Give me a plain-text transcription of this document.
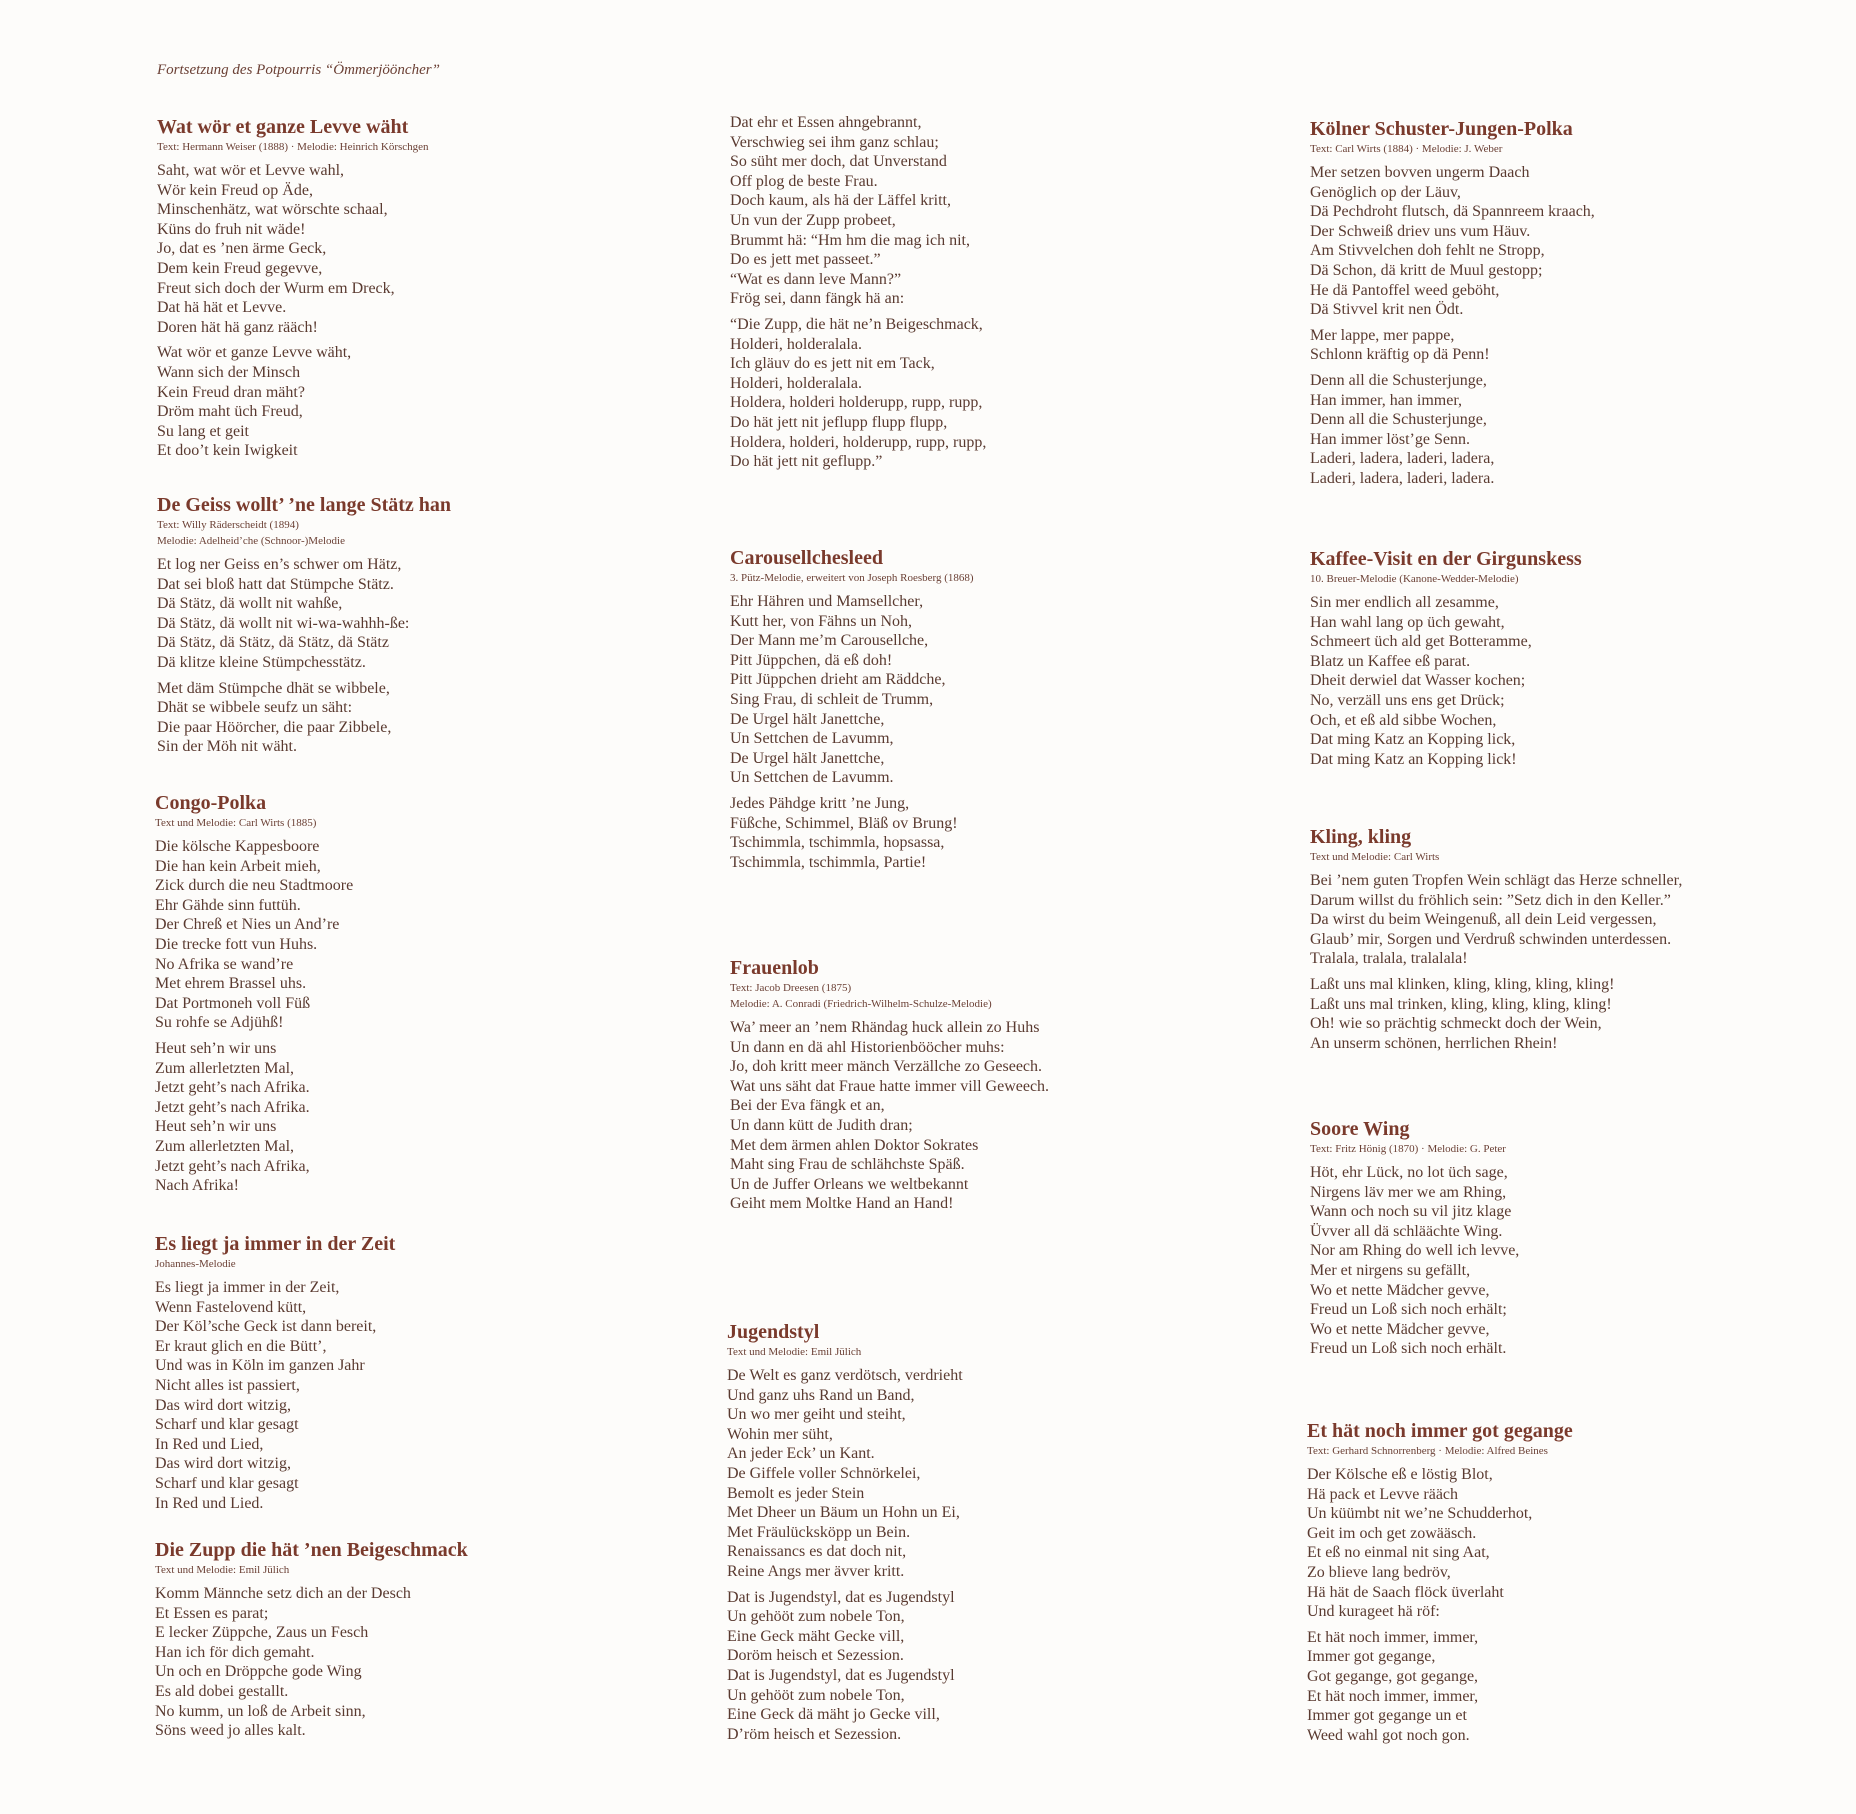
Fortsetzung des Potpourris “Ömmerjööncher”
Wat wör et ganze Levve wäht
Text: Hermann Weiser (1888) · Melodie: Heinrich Körschgen
Saht, wat wör et Levve wahl,
Wör kein Freud op Äde,
Minschenhätz, wat wörschte schaal,
Küns do fruh nit wäde!
Jo, dat es ’nen ärme Geck,
Dem kein Freud gegevve,
Freut sich doch der Wurm em Dreck,
Dat hä hät et Levve.
Doren hät hä ganz rääch!
Wat wör et ganze Levve wäht,
Wann sich der Minsch
Kein Freud dran mäht?
Dröm maht üch Freud,
Su lang et geit
Et doo’t kein Iwigkeit
De Geiss wollt’ ’ne lange Stätz han
Text: Willy Räderscheidt (1894)
Melodie: Adelheid’che (Schnoor-)Melodie
Et log ner Geiss en’s schwer om Hätz,
Dat sei bloß hatt dat Stümpche Stätz.
Dä Stätz, dä wollt nit wahße,
Dä Stätz, dä wollt nit wi-wa-wahhh-ße:
Dä Stätz, dä Stätz, dä Stätz, dä Stätz
Dä klitze kleine Stümpchesstätz.
Met däm Stümpche dhät se wibbele,
Dhät se wibbele seufz un säht:
Die paar Höörcher, die paar Zibbele,
Sin der Möh nit wäht.
Congo-Polka
Text und Melodie: Carl Wirts (1885)
Die kölsche Kappesboore
Die han kein Arbeit mieh,
Zick durch die neu Stadtmoore
Ehr Gähde sinn futtüh.
Der Chreß et Nies un And’re
Die trecke fott vun Huhs.
No Afrika se wand’re
Met ehrem Brassel uhs.
Dat Portmoneh voll Füß
Su rohfe se Adjühß!
Heut seh’n wir uns
Zum allerletzten Mal,
Jetzt geht’s nach Afrika.
Jetzt geht’s nach Afrika.
Heut seh’n wir uns
Zum allerletzten Mal,
Jetzt geht’s nach Afrika,
Nach Afrika!
Es liegt ja immer in der Zeit
Johannes-Melodie
Es liegt ja immer in der Zeit,
Wenn Fastelovend kütt,
Der Köl’sche Geck ist dann bereit,
Er kraut glich en die Bütt’,
Und was in Köln im ganzen Jahr
Nicht alles ist passiert,
Das wird dort witzig,
Scharf und klar gesagt
In Red und Lied,
Das wird dort witzig,
Scharf und klar gesagt
In Red und Lied.
Die Zupp die hät ’nen Beigeschmack
Text und Melodie: Emil Jülich
Komm Männche setz dich an der Desch
Et Essen es parat;
E lecker Züppche, Zaus un Fesch
Han ich för dich gemaht.
Un och en Dröppche gode Wing
Es ald dobei gestallt.
No kumm, un loß de Arbeit sinn,
Söns weed jo alles kalt.
Dat ehr et Essen ahngebrannt,
Verschwieg sei ihm ganz schlau;
So süht mer doch, dat Unverstand
Off plog de beste Frau.
Doch kaum, als hä der Läffel kritt,
Un vun der Zupp probeet,
Brummt hä: “Hm hm die mag ich nit,
Do es jett met passeet.”
“Wat es dann leve Mann?”
Frög sei, dann fängk hä an:
“Die Zupp, die hät ne’n Beigeschmack,
Holderi, holderalala.
Ich gläuv do es jett nit em Tack,
Holderi, holderalala.
Holdera, holderi holderupp, rupp, rupp,
Do hät jett nit jeflupp flupp flupp,
Holdera, holderi, holderupp, rupp, rupp,
Do hät jett nit geflupp.”
Carousellchesleed
3. Pütz-Melodie, erweitert von Joseph Roesberg (1868)
Ehr Hähren und Mamsellcher,
Kutt her, von Fähns un Noh,
Der Mann me’m Carousellche,
Pitt Jüppchen, dä eß doh!
Pitt Jüppchen drieht am Räddche,
Sing Frau, di schleit de Trumm,
De Urgel hält Janettche,
Un Settchen de Lavumm,
De Urgel hält Janettche,
Un Settchen de Lavumm.
Jedes Pähdge kritt ’ne Jung,
Füßche, Schimmel, Bläß ov Brung!
Tschimmla, tschimmla, hopsassa,
Tschimmla, tschimmla, Partie!
Frauenlob
Text: Jacob Dreesen (1875)
Melodie: A. Conradi (Friedrich-Wilhelm-Schulze-Melodie)
Wa’ meer an ’nem Rhändag huck allein zo Huhs
Un dann en dä ahl Historienbööcher muhs:
Jo, doh kritt meer mänch Verzällche zo Geseech.
Wat uns säht dat Fraue hatte immer vill Geweech.
Bei der Eva fängk et an,
Un dann kütt de Judith dran;
Met dem ärmen ahlen Doktor Sokrates
Maht sing Frau de schlähchste Späß.
Un de Juffer Orleans we weltbekannt
Geiht mem Moltke Hand an Hand!
Jugendstyl
Text und Melodie: Emil Jülich
De Welt es ganz verdötsch, verdrieht
Und ganz uhs Rand un Band,
Un wo mer geiht und steiht,
Wohin mer süht,
An jeder Eck’ un Kant.
De Giffele voller Schnörkelei,
Bemolt es jeder Stein
Met Dheer un Bäum un Hohn un Ei,
Met Fräulücksköpp un Bein.
Renaissancs es dat doch nit,
Reine Angs mer ävver kritt.
Dat is Jugendstyl, dat es Jugendstyl
Un gehööt zum nobele Ton,
Eine Geck mäht Gecke vill,
Doröm heisch et Sezession.
Dat is Jugendstyl, dat es Jugendstyl
Un gehööt zum nobele Ton,
Eine Geck dä mäht jo Gecke vill,
D’röm heisch et Sezession.
Kölner Schuster-Jungen-Polka
Text: Carl Wirts (1884) · Melodie: J. Weber
Mer setzen bovven ungerm Daach
Genöglich op der Läuv,
Dä Pechdroht flutsch, dä Spannreem kraach,
Der Schweiß driev uns vum Häuv.
Am Stivvelchen doh fehlt ne Stropp,
Dä Schon, dä kritt de Muul gestopp;
He dä Pantoffel weed geböht,
Dä Stivvel krit nen Ödt.
Mer lappe, mer pappe,
Schlonn kräftig op dä Penn!
Denn all die Schusterjunge,
Han immer, han immer,
Denn all die Schusterjunge,
Han immer löst’ge Senn.
Laderi, ladera, laderi, ladera,
Laderi, ladera, laderi, ladera.
Kaffee-Visit en der Girgunskess
10. Breuer-Melodie (Kanone-Wedder-Melodie)
Sin mer endlich all zesamme,
Han wahl lang op üch gewaht,
Schmeert üch ald get Botteramme,
Blatz un Kaffee eß parat.
Dheit derwiel dat Wasser kochen;
No, verzäll uns ens get Drück;
Och, et eß ald sibbe Wochen,
Dat ming Katz an Kopping lick,
Dat ming Katz an Kopping lick!
Kling, kling
Text und Melodie: Carl Wirts
Bei ’nem guten Tropfen Wein schlägt das Herze schneller,
Darum willst du fröhlich sein: ”Setz dich in den Keller.”
Da wirst du beim Weingenuß, all dein Leid vergessen,
Glaub’ mir, Sorgen und Verdruß schwinden unterdessen.
Tralala, tralala, tralalala!
Laßt uns mal klinken, kling, kling, kling, kling!
Laßt uns mal trinken, kling, kling, kling, kling!
Oh! wie so prächtig schmeckt doch der Wein,
An unserm schönen, herrlichen Rhein!
Soore Wing
Text: Fritz Hönig (1870) · Melodie: G. Peter
Höt, ehr Lück, no lot üch sage,
Nirgens läv mer we am Rhing,
Wann och noch su vil jitz klage
Üvver all dä schläächte Wing.
Nor am Rhing do well ich levve,
Mer et nirgens su gefällt,
Wo et nette Mädcher gevve,
Freud un Loß sich noch erhält;
Wo et nette Mädcher gevve,
Freud un Loß sich noch erhält.
Et hät noch immer got gegange
Text: Gerhard Schnorrenberg · Melodie: Alfred Beines
Der Kölsche eß e löstig Blot,
Hä pack et Levve rääch
Un küümbt nit we’ne Schudderhot,
Geit im och get zowääsch.
Et eß no einmal nit sing Aat,
Zo blieve lang bedröv,
Hä hät de Saach flöck üverlaht
Und kurageet hä röf:
Et hät noch immer, immer,
Immer got gegange,
Got gegange, got gegange,
Et hät noch immer, immer,
Immer got gegange un et
Weed wahl got noch gon.
